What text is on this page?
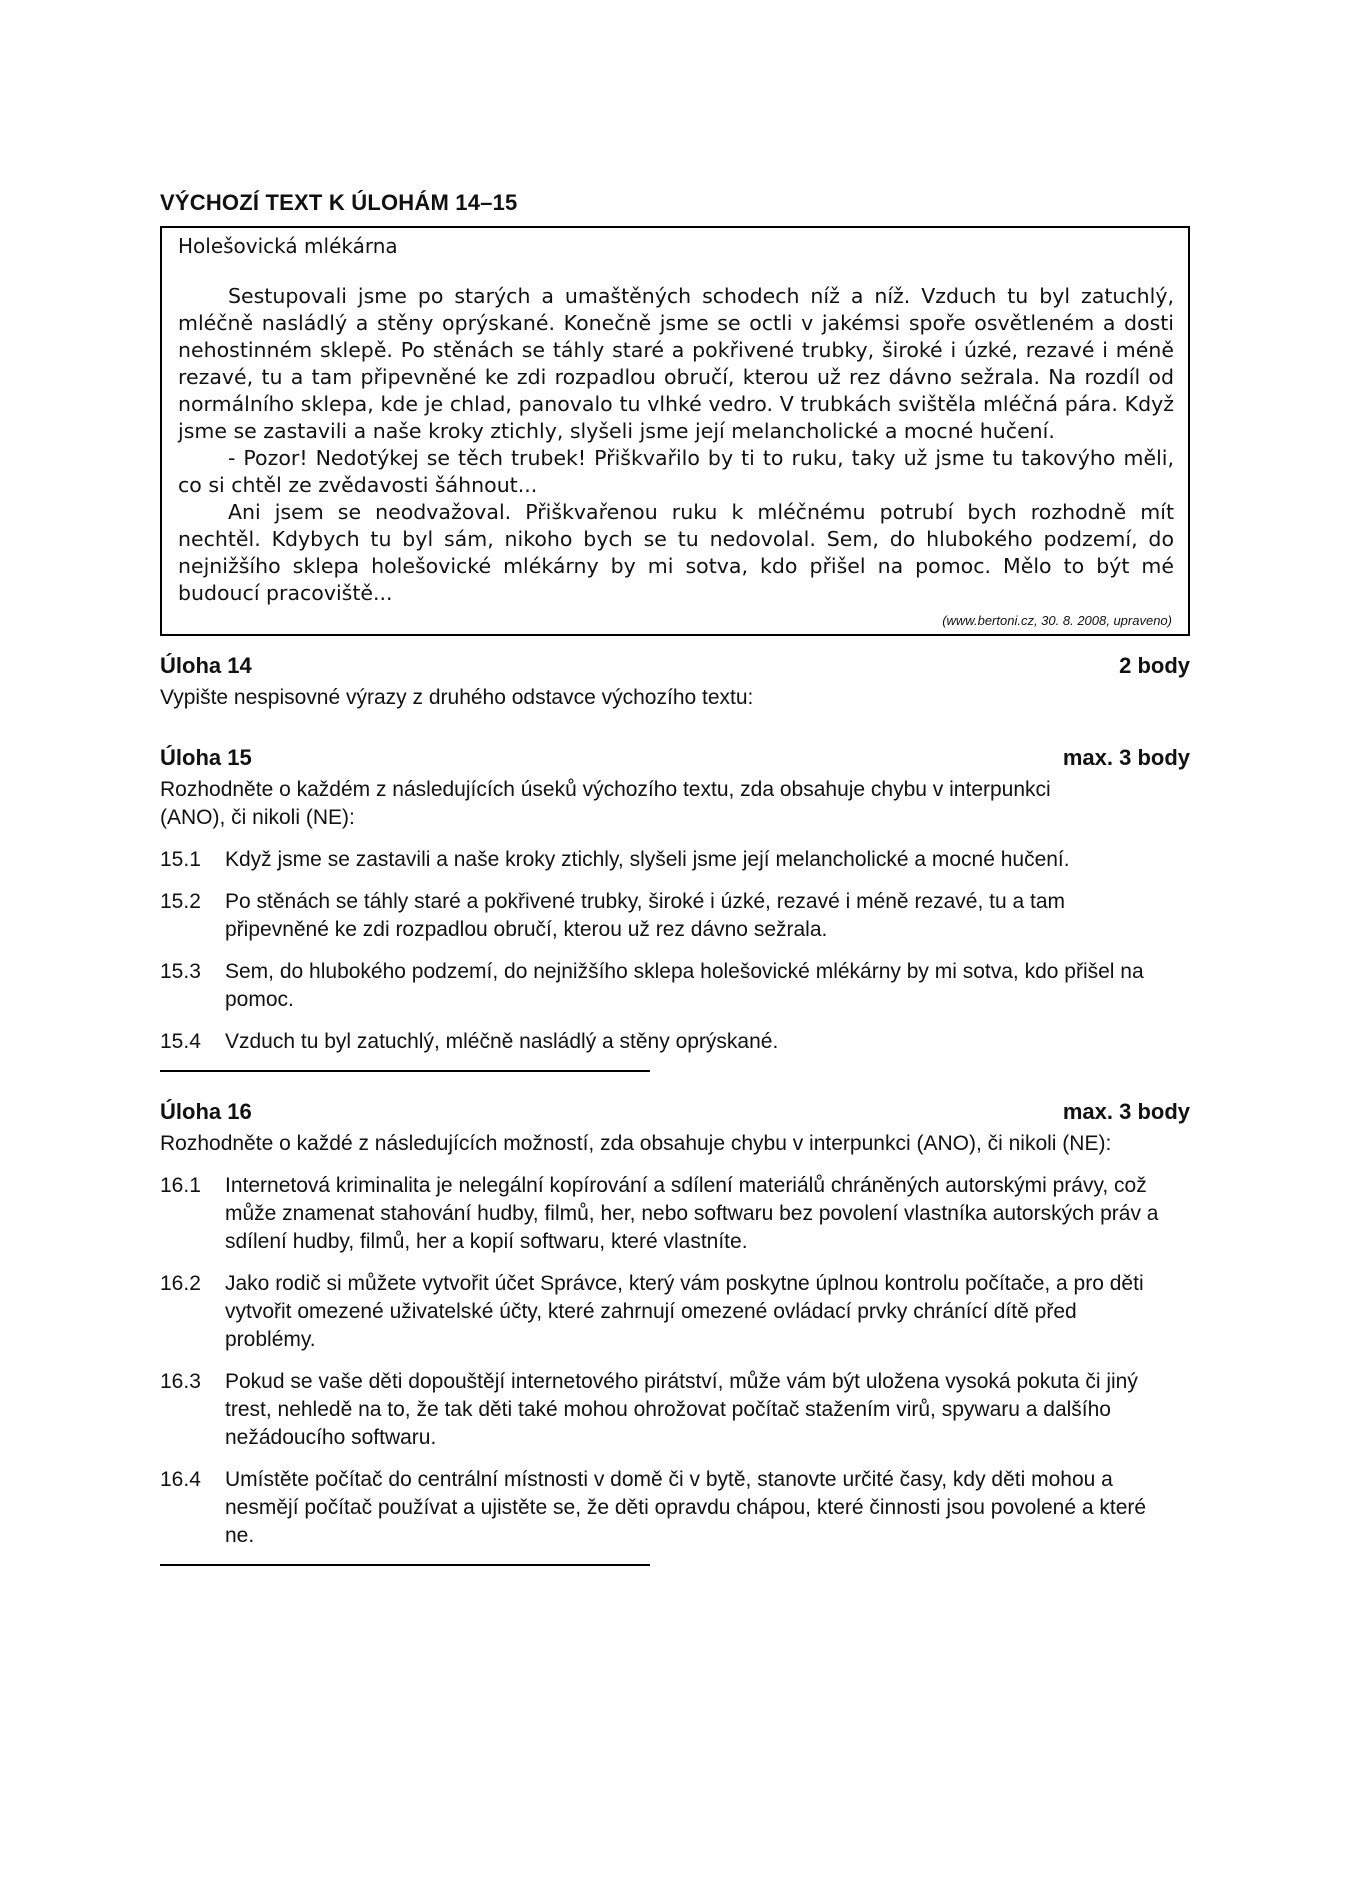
VÝCHOZÍ TEXT K ÚLOHÁM 14–15
Holešovická mlékárna

Sestupovali jsme po starých a umaštěných schodech níž a níž. Vzduch tu byl zatuchlý, mléčně nasládlý a stěny oprýskané. Konečně jsme se octli v jakémsi spoře osvětleném a dosti nehostinném sklepě. Po stěnách se táhly staré a pokřivené trubky, široké i úzké, rezavé i méně rezavé, tu a tam připevněné ke zdi rozpadlou obručí, kterou už rez dávno sežrala. Na rozdíl od normálního sklepa, kde je chlad, panovalo tu vlhké vedro. V trubkách svištěla mléčná pára. Když jsme se zastavili a naše kroky ztichly, slyšeli jsme její melancholické a mocné hučení.

- Pozor! Nedotýkej se těch trubek! Přiškvařilo by ti to ruku, taky už jsme tu takovýho měli, co si chtěl ze zvědavosti šáhnout...

Ani jsem se neodvažoval. Přiškvařenou ruku k mléčnému potrubí bych rozhodně mít nechtěl. Kdybych tu byl sám, nikoho bych se tu nedovolal. Sem, do hlubokého podzemí, do nejnižšího sklepa holešovické mlékárny by mi sotva, kdo přišel na pomoc. Mělo to být mé budoucí pracoviště...

(www.bertoni.cz, 30. 8. 2008, upraveno)
Úloha 14	2 body
Vypište nespisovné výrazy z druhého odstavce výchozího textu:
Úloha 15	max. 3 body
Rozhodněte o každém z následujících úseků výchozího textu, zda obsahuje chybu v interpunkci (ANO), či nikoli (NE):
15.1	Když jsme se zastavili a naše kroky ztichly, slyšeli jsme její melancholické a mocné hučení.
15.2	Po stěnách se táhly staré a pokřivené trubky, široké i úzké, rezavé i méně rezavé, tu a tam připevněné ke zdi rozpadlou obručí, kterou už rez dávno sežrala.
15.3	Sem, do hlubokého podzemí, do nejnižšího sklepa holešovické mlékárny by mi sotva, kdo přišel na pomoc.
15.4	Vzduch tu byl zatuchlý, mléčně nasládlý a stěny oprýskané.
Úloha 16	max. 3 body
Rozhodněte o každé z následujících možností, zda obsahuje chybu v interpunkci (ANO), či nikoli (NE):
16.1	Internetová kriminalita je nelegální kopírování a sdílení materiálů chráněných autorskými právy, což může znamenat stahování hudby, filmů, her, nebo softwaru bez povolení vlastníka autorských práv a sdílení hudby, filmů, her a kopií softwaru, které vlastníte.
16.2	Jako rodič si můžete vytvořit účet Správce, který vám poskytne úplnou kontrolu počítače, a pro děti vytvořit omezené uživatelské účty, které zahrnují omezené ovládací prvky chránící dítě před problémy.
16.3	Pokud se vaše děti dopouštějí internetového pirátství, může vám být uložena vysoká pokuta či jiný trest, nehledě na to, že tak děti také mohou ohrožovat počítač stažením virů, spywaru a dalšího nežádoucího softwaru.
16.4	Umístěte počítač do centrální místnosti v domě či v bytě, stanovte určité časy, kdy děti mohou a nesmějí počítač používat a ujistěte se, že děti opravdu chápou, které činnosti jsou povolené a které ne.
